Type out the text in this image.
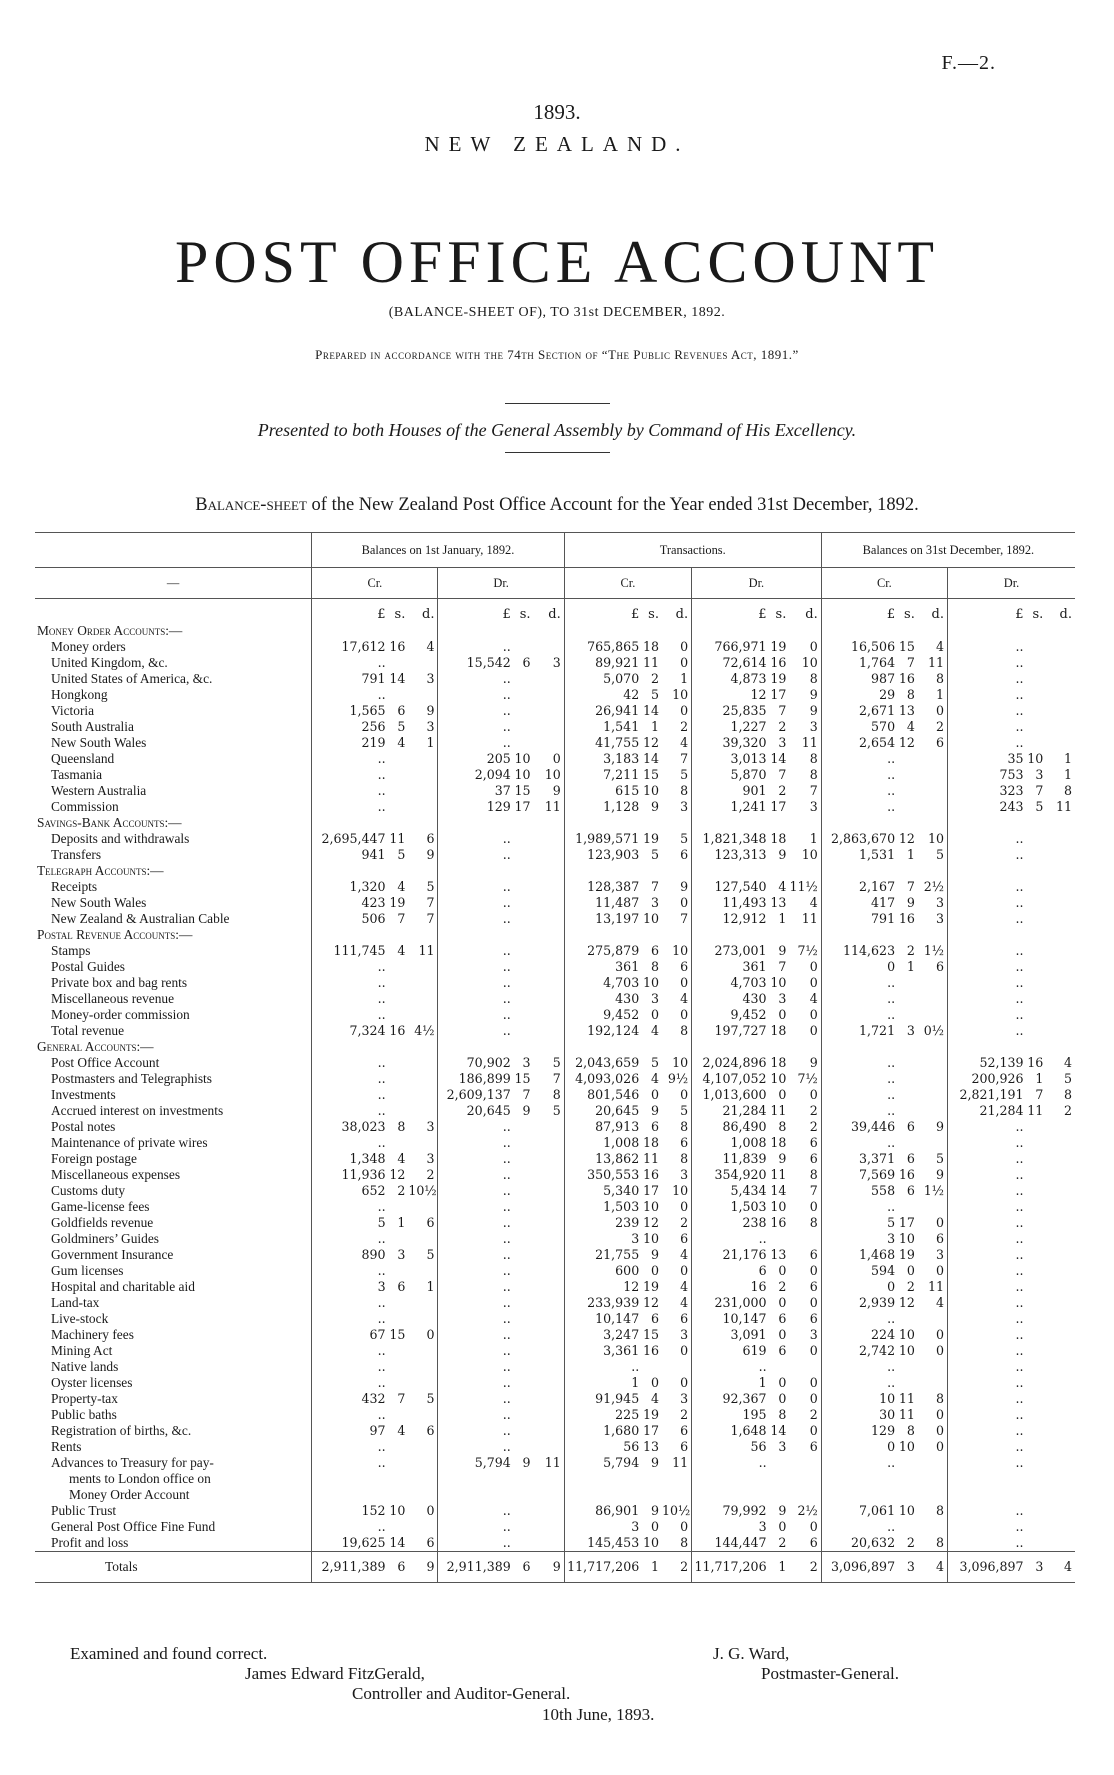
F.—2.
1893.
NEW ZEALAND.
POST OFFICE ACCOUNT
(BALANCE-SHEET OF), TO 31st DECEMBER, 1892.
Prepared in accordance with the 74th Section of “The Public Revenues Act, 1891.”
Presented to both Houses of the General Assembly by Command of His Excellency.
Balance-sheet of the New Zealand Post Office Account for the Year ended 31st December, 1892.
	Balances on 1st January, 1892.						Transactions.						Balances on 31st December, 1892.					
—	Cr.			Dr.			Cr.			Dr.			Cr.			Dr.		
	£	s.	d.	£	s.	d.	£	s.	d.	£	s.	d.	£	s.	d.	£	s.	d.
Money Order Accounts:—																		
Money orders	17,612	16	4	..			765,865	18	0	766,971	19	0	16,506	15	4	..		
United Kingdom, &c.	..			15,542	6	3	89,921	11	0	72,614	16	10	1,764	7	11	..		
United States of America, &c.	791	14	3	..			5,070	2	1	4,873	19	8	987	16	8	..		
Hongkong	..			..			42	5	10	12	17	9	29	8	1	..		
Victoria	1,565	6	9	..			26,941	14	0	25,835	7	9	2,671	13	0	..		
South Australia	256	5	3	..			1,541	1	2	1,227	2	3	570	4	2	..		
New South Wales	219	4	1	..			41,755	12	4	39,320	3	11	2,654	12	6	..		
Queensland	..			205	10	0	3,183	14	7	3,013	14	8	..			35	10	1
Tasmania	..			2,094	10	10	7,211	15	5	5,870	7	8	..			753	3	1
Western Australia	..			37	15	9	615	10	8	901	2	7	..			323	7	8
Commission	..			129	17	11	1,128	9	3	1,241	17	3	..			243	5	11
Savings-Bank Accounts:—																		
Deposits and withdrawals	2,695,447	11	6	..			1,989,571	19	5	1,821,348	18	1	2,863,670	12	10	..		
Transfers	941	5	9	..			123,903	5	6	123,313	9	10	1,531	1	5	..		
Telegraph Accounts:—																		
Receipts	1,320	4	5	..			128,387	7	9	127,540	4	11½	2,167	7	2½	..		
New South Wales	423	19	7	..			11,487	3	0	11,493	13	4	417	9	3	..		
New Zealand & Australian Cable	506	7	7	..			13,197	10	7	12,912	1	11	791	16	3	..		
Postal Revenue Accounts:—																		
Stamps	111,745	4	11	..			275,879	6	10	273,001	9	7½	114,623	2	1½	..		
Postal Guides	..			..			361	8	6	361	7	0	0	1	6	..		
Private box and bag rents	..			..			4,703	10	0	4,703	10	0	..			..		
Miscellaneous revenue	..			..			430	3	4	430	3	4	..			..		
Money-order commission	..			..			9,452	0	0	9,452	0	0	..			..		
Total revenue	7,324	16	4½	..			192,124	4	8	197,727	18	0	1,721	3	0½	..		
General Accounts:—																		
Post Office Account	..			70,902	3	5	2,043,659	5	10	2,024,896	18	9	..			52,139	16	4
Postmasters and Telegraphists	..			186,899	15	7	4,093,026	4	9½	4,107,052	10	7½	..			200,926	1	5
Investments	..			2,609,137	7	8	801,546	0	0	1,013,600	0	0	..			2,821,191	7	8
Accrued interest on investments	..			20,645	9	5	20,645	9	5	21,284	11	2	..			21,284	11	2
Postal notes	38,023	8	3	..			87,913	6	8	86,490	8	2	39,446	6	9	..		
Maintenance of private wires	..			..			1,008	18	6	1,008	18	6	..			..		
Foreign postage	1,348	4	3	..			13,862	11	8	11,839	9	6	3,371	6	5	..		
Miscellaneous expenses	11,936	12	2	..			350,553	16	3	354,920	11	8	7,569	16	9	..		
Customs duty	652	2	10½	..			5,340	17	10	5,434	14	7	558	6	1½	..		
Game-license fees	..			..			1,503	10	0	1,503	10	0	..			..		
Goldfields revenue	5	1	6	..			239	12	2	238	16	8	5	17	0	..		
Goldminers’ Guides	..			..			3	10	6	..			3	10	6	..		
Government Insurance	890	3	5	..			21,755	9	4	21,176	13	6	1,468	19	3	..		
Gum licenses	..			..			600	0	0	6	0	0	594	0	0	..		
Hospital and charitable aid	3	6	1	..			12	19	4	16	2	6	0	2	11	..		
Land-tax	..			..			233,939	12	4	231,000	0	0	2,939	12	4	..		
Live-stock	..			..			10,147	6	6	10,147	6	6	..			..		
Machinery fees	67	15	0	..			3,247	15	3	3,091	0	3	224	10	0	..		
Mining Act	..			..			3,361	16	0	619	6	0	2,742	10	0	..		
Native lands	..			..			..			..			..			..		
Oyster licenses	..			..			1	0	0	1	0	0	..			..		
Property-tax	432	7	5	..			91,945	4	3	92,367	0	0	10	11	8	..		
Public baths	..			..			225	19	2	195	8	2	30	11	0	..		
Registration of births, &c.	97	4	6	..			1,680	17	6	1,648	14	0	129	8	0	..		
Rents	..			..			56	13	6	56	3	6	0	10	0	..		
Advances to Treasury for pay-	..			5,794	9	11	5,794	9	11	..			..			..		
ments to London office on																		
Money Order Account																		
Public Trust	152	10	0	..			86,901	9	10½	79,992	9	2½	7,061	10	8	..		
General Post Office Fine Fund	..			..			3	0	0	3	0	0	..			..		
Profit and loss	19,625	14	6	..			145,453	10	8	144,447	2	6	20,632	2	8	..		
Totals	2,911,389	6	9	2,911,389	6	9	11,717,206	1	2	11,717,206	1	2	3,096,897	3	4	3,096,897	3	4
Examined and found correct.
James Edward FitzGerald,
Controller and Auditor-General.
10th June, 1893.
J. G. Ward,
Postmaster-General.
